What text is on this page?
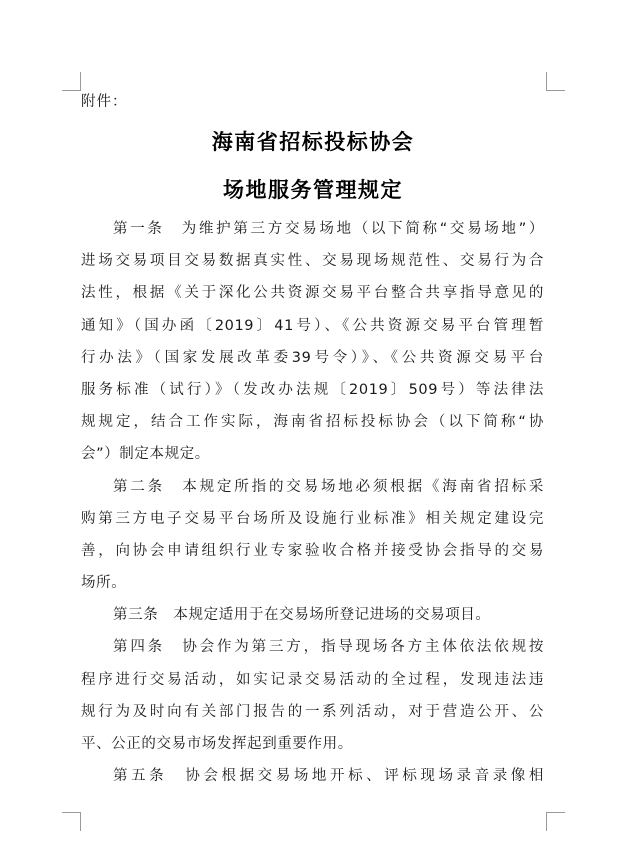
附件：
海南省招标投标协会
场地服务管理规定
第一条　为维护第三方交易场地（以下简称“交易场地”）
进场交易项目交易数据真实性、交易现场规范性、交易行为合
法性，根据《关于深化公共资源交易平台整合共享指导意见的
通知》（国办函〔2019〕41号）、《公共资源交易平台管理暂
行办法》（国家发展改革委39号令）》、《公共资源交易平台
服务标准（试行）》（发改办法规〔2019〕509号）等法律法
规规定，结合工作实际，海南省招标投标协会（以下简称“协
会”）制定本规定。
第二条　本规定所指的交易场地必须根据《海南省招标采
购第三方电子交易平台场所及设施行业标准》相关规定建设完
善，向协会申请组织行业专家验收合格并接受协会指导的交易
场所。
第三条　本规定适用于在交易场所登记进场的交易项目。
第四条　协会作为第三方，指导现场各方主体依法依规按
程序进行交易活动，如实记录交易活动的全过程，发现违法违
规行为及时向有关部门报告的一系列活动，对于营造公开、公
平、公正的交易市场发挥起到重要作用。
第五条　协会根据交易场地开标、评标现场录音录像相
